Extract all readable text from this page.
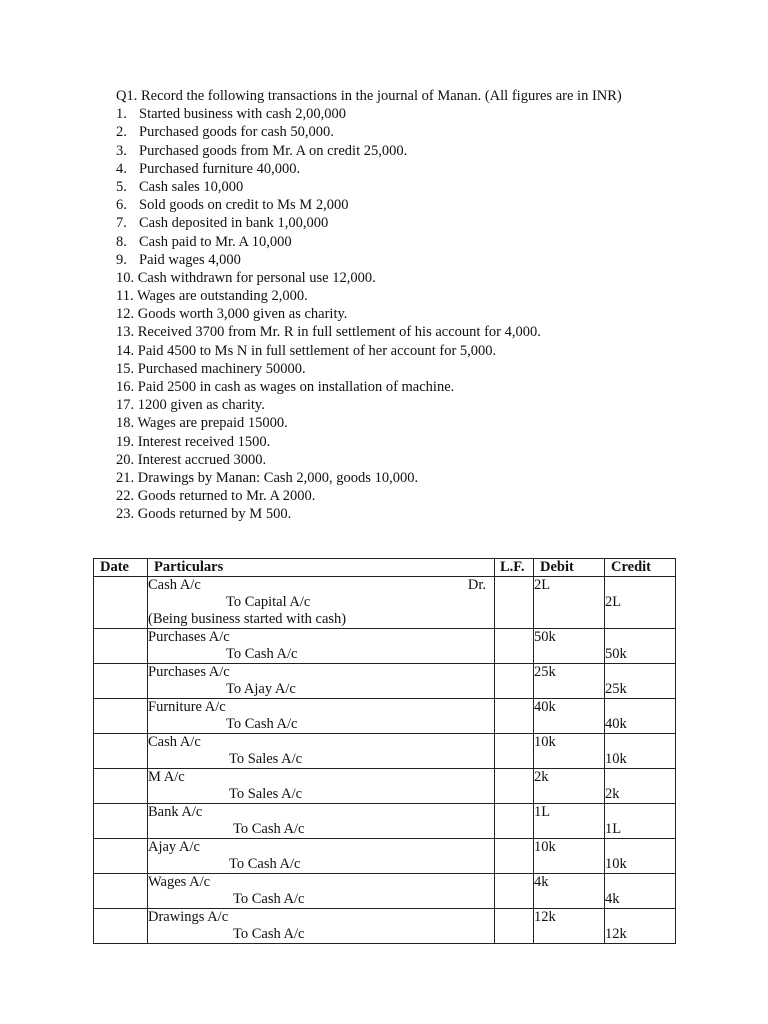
Q1. Record the following transactions in the journal of Manan. (All figures are in INR)
1. Started business with cash 2,00,000
2. Purchased goods for cash 50,000.
3. Purchased goods from Mr. A on credit 25,000.
4. Purchased furniture 40,000.
5. Cash sales 10,000
6. Sold goods on credit to Ms M 2,000
7. Cash deposited in bank 1,00,000
8. Cash paid to Mr. A 10,000
9. Paid wages 4,000
10. Cash withdrawn for personal use 12,000.
11. Wages are outstanding 2,000.
12. Goods worth 3,000 given as charity.
13. Received 3700 from Mr. R in full settlement of his account for 4,000.
14. Paid 4500 to Ms N in full settlement of her account for 5,000.
15. Purchased machinery 50000.
16. Paid 2500 in cash as wages on installation of machine.
17. 1200 given as charity.
18. Wages are prepaid 15000.
19. Interest received 1500.
20. Interest accrued 3000.
21. Drawings by Manan: Cash 2,000, goods 10,000.
22. Goods returned to Mr. A 2000.
23. Goods returned by M 500.
Date	Particulars	L.F.	Debit	Credit

	Cash A/c Dr.
To Capital A/c
(Being business started with cash)		2L	2L

	Purchases A/c
To Cash A/c		50k	50k

	Purchases A/c
To Ajay A/c		25k	25k

	Furniture A/c
To Cash A/c		40k	40k

	Cash A/c
To Sales A/c		10k	10k

	M A/c
To Sales A/c		2k	2k

	Bank A/c
To Cash A/c		1L	1L

	Ajay A/c
To Cash A/c		10k	10k

	Wages A/c
To Cash A/c		4k	4k

	Drawings A/c
To Cash A/c		12k	12k
